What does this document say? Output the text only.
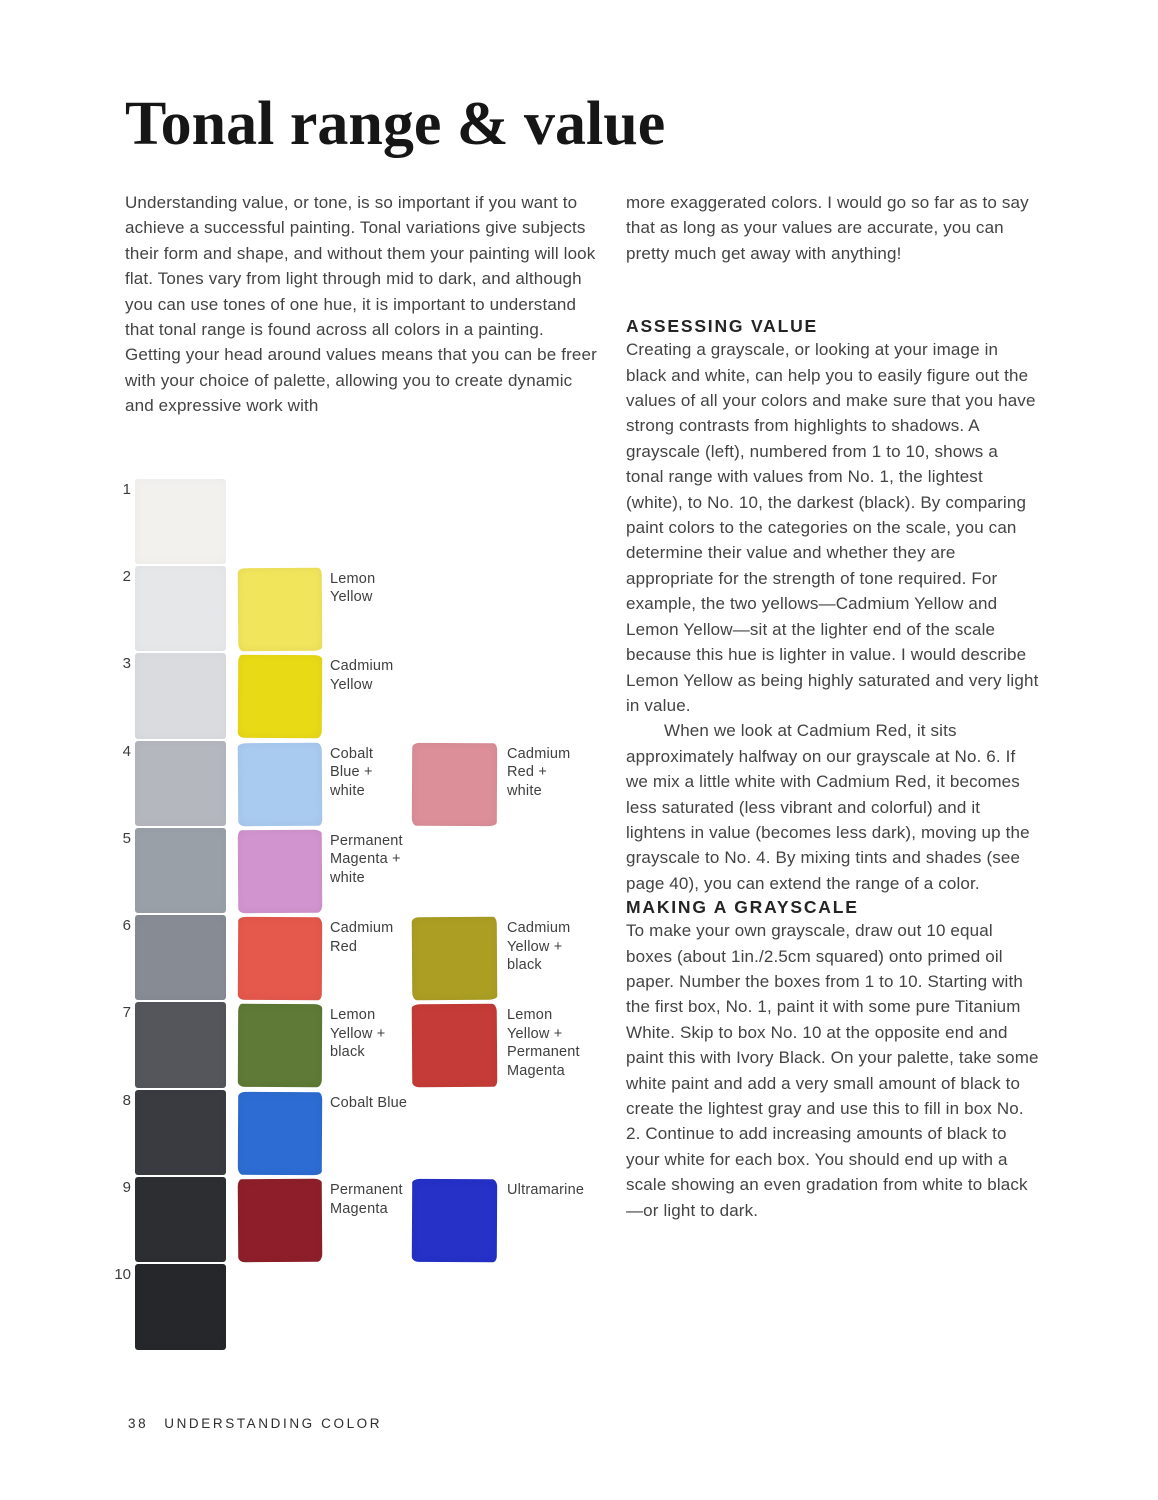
Tonal range & value

Understanding value, or tone, is so important if you want to achieve a successful painting. Tonal variations give subjects their form and shape, and without them your painting will look flat. Tones vary from light through mid to dark, and although you can use tones of one hue, it is important to understand that tonal range is found across all colors in a painting. Getting your head around values means that you can be freer with your choice of palette, allowing you to create dynamic and expressive work with

1
2
3
4
5
6
7
8
9
10
Lemon
Yellow
Cadmium
Yellow
Cobalt
Blue +
white
Cadmium
Red +
white
Permanent
Magenta +
white
Cadmium
Red
Cadmium
Yellow +
black
Lemon
Yellow +
black
Lemon
Yellow +
Permanent
Magenta
Cobalt Blue
Permanent
Magenta
Ultramarine

more exaggerated colors. I would go so far as to say that as long as your values are accurate, you can pretty much get away with anything!

ASSESSING VALUE

Creating a grayscale, or looking at your image in black and white, can help you to easily figure out the values of all your colors and make sure that you have strong contrasts from highlights to shadows. A grayscale (left), numbered from 1 to 10, shows a tonal range with values from No. 1, the lightest (white), to No. 10, the darkest (black). By comparing paint colors to the categories on the scale, you can determine their value and whether they are appropriate for the strength of tone required. For example, the two yellows—Cadmium Yellow and Lemon Yellow—sit at the lighter end of the scale because this hue is lighter in value. I would describe Lemon Yellow as being highly saturated and very light in value.

When we look at Cadmium Red, it sits approximately halfway on our grayscale at No. 6. If we mix a little white with Cadmium Red, it becomes less saturated (less vibrant and colorful) and it lightens in value (becomes less dark), moving up the grayscale to No. 4. By mixing tints and shades (see page 40), you can extend the range of a color.

MAKING A GRAYSCALE

To make your own grayscale, draw out 10 equal boxes (about 1in./2.5cm squared) onto primed oil paper. Number the boxes from 1 to 10. Starting with the first box, No. 1, paint it with some pure Titanium White. Skip to box No. 10 at the opposite end and paint this with Ivory Black. On your palette, take some white paint and add a very small amount of black to create the lightest gray and use this to fill in box No. 2. Continue to add increasing amounts of black to your white for each box. You should end up with a scale showing an even gradation from white to black—or light to dark.

38 UNDERSTANDING COLOR
